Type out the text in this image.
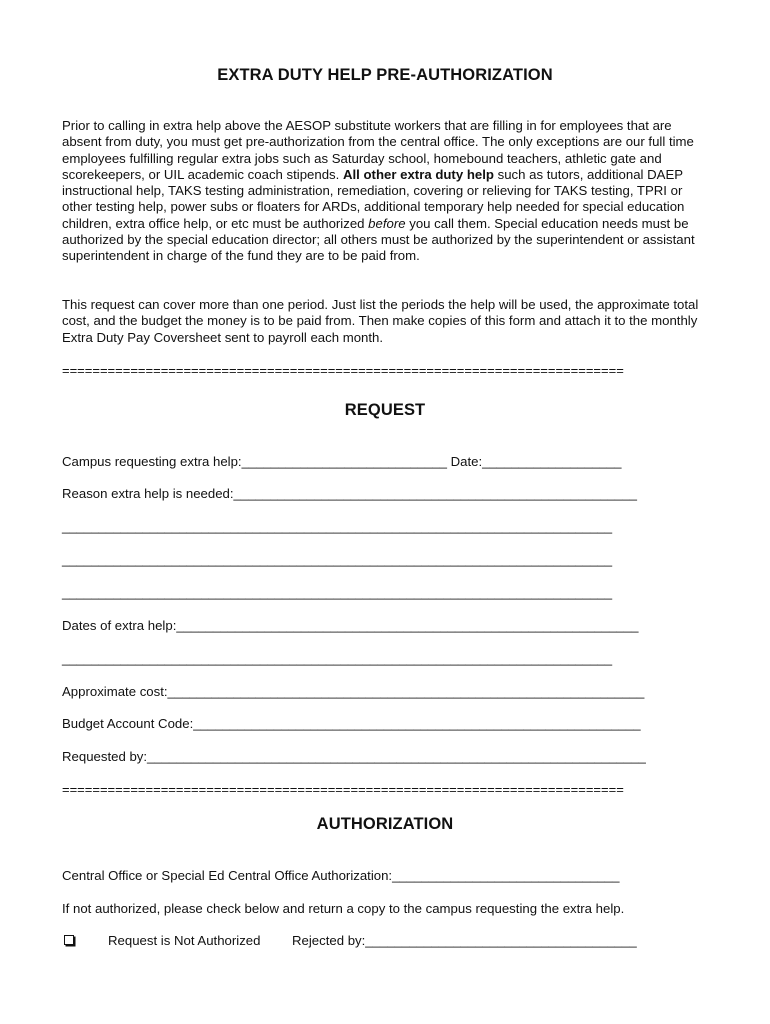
EXTRA DUTY HELP PRE-AUTHORIZATION
Prior to calling in extra help above the AESOP substitute workers that are filling in for employees that are absent from duty, you must get pre-authorization from the central office. The only exceptions are our full time employees fulfilling regular extra jobs such as Saturday school, homebound teachers, athletic gate and scorekeepers, or UIL academic coach stipends. All other extra duty help such as tutors, additional DAEP instructional help, TAKS testing administration, remediation, covering or relieving for TAKS testing, TPRI or other testing help, power subs or floaters for ARDs, additional temporary help needed for special education children, extra office help, or etc must be authorized before you call them. Special education needs must be authorized by the special education director; all others must be authorized by the superintendent or assistant superintendent in charge of the fund they are to be paid from.
This request can cover more than one period. Just list the periods the help will be used, the approximate total cost, and the budget the money is to be paid from. Then make copies of this form and attach it to the monthly Extra Duty Pay Coversheet sent to payroll each month.
==========================================================================
REQUEST
Campus requesting extra help:____________________________ Date:___________________
Reason extra help is needed:_______________________________________________________
___________________________________________________________________________
___________________________________________________________________________
___________________________________________________________________________
Dates of extra help:_______________________________________________________________
___________________________________________________________________________
Approximate cost:_________________________________________________________________
Budget Account Code:_____________________________________________________________
Requested by:____________________________________________________________________
==========================================================================
AUTHORIZATION
Central Office or Special Ed Central Office Authorization:_______________________________
If not authorized, please check below and return a copy to the campus requesting the extra help.
Request is Not Authorized Rejected by:_____________________________________
